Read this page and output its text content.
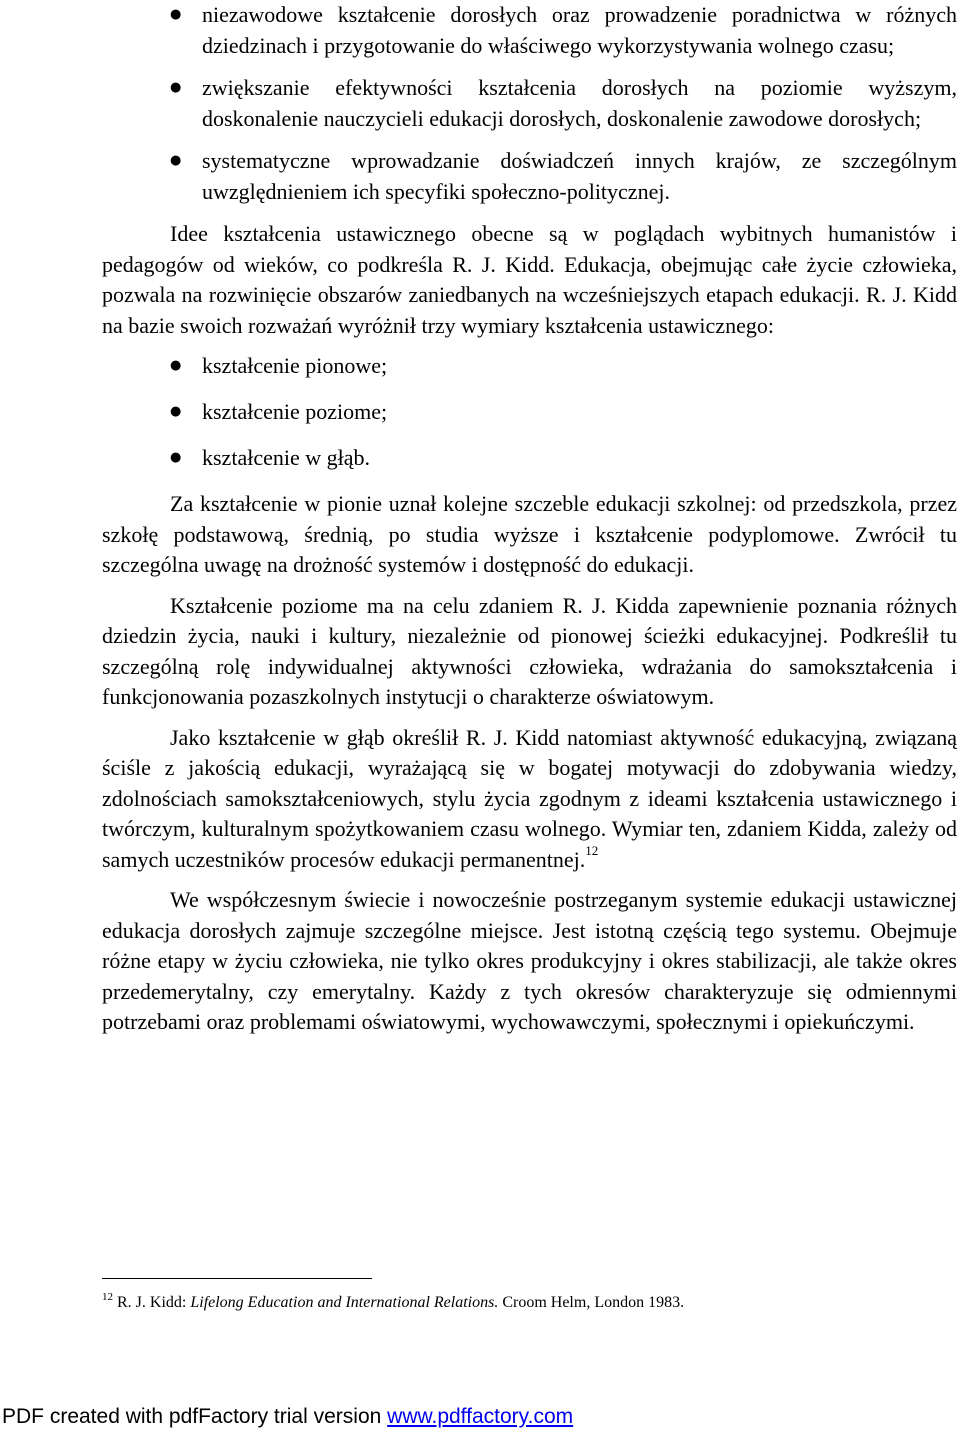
● niezawodowe kształcenie dorosłych oraz prowadzenie poradnictwa w różnych dziedzinach i przygotowanie do właściwego wykorzystywania wolnego czasu;
● zwiększanie efektywności kształcenia dorosłych na poziomie wyższym, doskonalenie nauczycieli edukacji dorosłych, doskonalenie zawodowe dorosłych;
● systematyczne wprowadzanie doświadczeń innych krajów, ze szczególnym uwzględnieniem ich specyfiki społeczno-politycznej.

Idee kształcenia ustawicznego obecne są w poglądach wybitnych humanistów i pedagogów od wieków, co podkreśla R. J. Kidd. Edukacja, obejmując całe życie człowieka, pozwala na rozwinięcie obszarów zaniedbanych na wcześniejszych etapach edukacji. R. J. Kidd na bazie swoich rozważań wyróżnił trzy wymiary kształcenia ustawicznego:

● kształcenie pionowe;
● kształcenie poziome;
● kształcenie w głąb.

Za kształcenie w pionie uznał kolejne szczeble edukacji szkolnej: od przedszkola, przez szkołę podstawową, średnią, po studia wyższe i kształcenie podyplomowe. Zwrócił tu szczególna uwagę na drożność systemów i dostępność do edukacji.

Kształcenie poziome ma na celu zdaniem R. J. Kidda zapewnienie poznania różnych dziedzin życia, nauki i kultury, niezależnie od pionowej ścieżki edukacyjnej. Podkreślił tu szczególną rolę indywidualnej aktywności człowieka, wdrażania do samokształcenia i funkcjonowania pozaszkolnych instytucji o charakterze oświatowym.

Jako kształcenie w głąb określił R. J. Kidd natomiast aktywność edukacyjną, związaną ściśle z jakością edukacji, wyrażającą się w bogatej motywacji do zdobywania wiedzy, zdolnościach samokształceniowych, stylu życia zgodnym z ideami kształcenia ustawicznego i twórczym, kulturalnym spożytkowaniem czasu wolnego. Wymiar ten, zdaniem Kidda, zależy od samych uczestników procesów edukacji permanentnej.$^{12}$

We współczesnym świecie i nowocześnie postrzeganym systemie edukacji ustawicznej edukacja dorosłych zajmuje szczególne miejsce. Jest istotną częścią tego systemu. Obejmuje różne etapy w życiu człowieka, nie tylko okres produkcyjny i okres stabilizacji, ale także okres przedemerytalny, czy emerytalny. Każdy z tych okresów charakteryzuje się odmiennymi potrzebami oraz problemami oświatowymi, wychowawczymi, społecznymi i opiekuńczymi.

$^{12}$ R. J. Kidd: Lifelong Education and International Relations. Croom Helm, London 1983.
PDF created with pdfFactory trial version www.pdffactory.com
